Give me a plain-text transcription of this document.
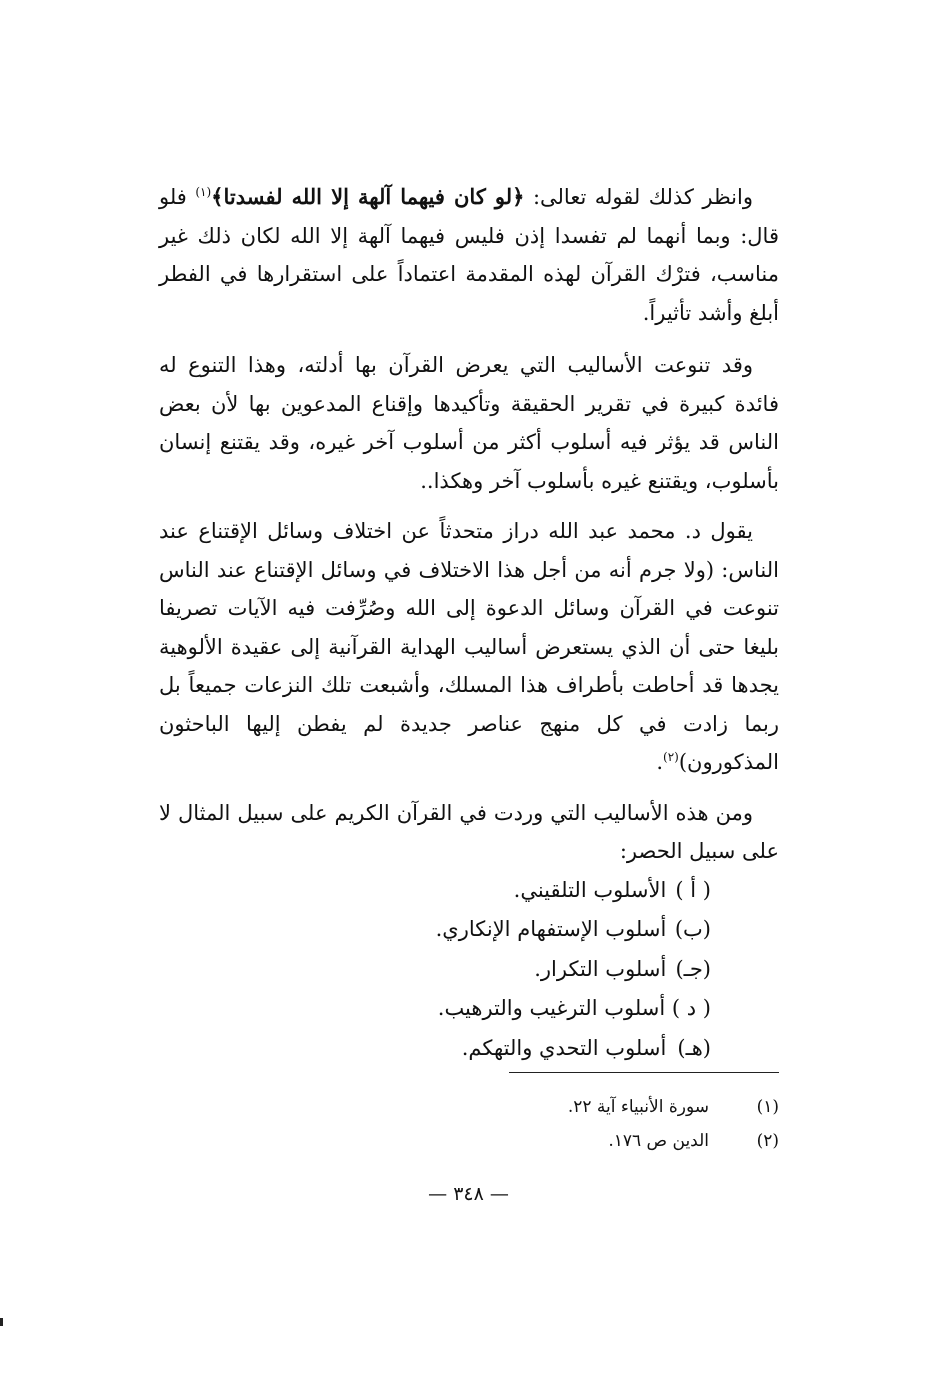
وانظر كذلك لقوله تعالى: ﴿لو كان فيهما آلهة إلا الله لفسدتا﴾$^{(١)}$ فلو قال: وبما أنهما لم تفسدا إذن فليس فيهما آلهة إلا الله لكان ذلك غير مناسب، فترْك القرآن لهذه المقدمة اعتماداً على استقرارها في الفطر أبلغ وأشد تأثيراً.

وقد تنوعت الأساليب التي يعرض القرآن بها أدلته، وهذا التنوع له فائدة كبيرة في تقرير الحقيقة وتأكيدها وإقناع المدعوين بها لأن بعض الناس قد يؤثر فيه أسلوب أكثر من أسلوب آخر غيره، وقد يقتنع إنسان بأسلوب، ويقتنع غيره بأسلوب آخر وهكذا..

يقول د. محمد عبد الله دراز متحدثاً عن اختلاف وسائل الإقتناع عند الناس: (ولا جرم أنه من أجل هذا الاختلاف في وسائل الإقتناع عند الناس تنوعت في القرآن وسائل الدعوة إلى الله وصُرِّفت فيه الآيات تصريفا بليغا حتى أن الذي يستعرض أساليب الهداية القرآنية إلى عقيدة الألوهية يجدها قد أحاطت بأطراف هذا المسلك، وأشبعت تلك النزعات جميعاً بل ربما زادت في كل منهج عناصر جديدة لم يفطن إليها الباحثون المذكورون)$^{(٢)}$.

ومن هذه الأساليب التي وردت في القرآن الكريم على سبيل المثال لا على سبيل الحصر:

( أ ) الأسلوب التلقيني.
(ب) أسلوب الإستفهام الإنكاري.
(جـ) أسلوب التكرار.
( د ) أسلوب الترغيب والترهيب.
(هـ) أسلوب التحدي والتهكم.
(١)سورة الأنبياء آية ٢٢.
(٢)الدين ص ١٧٦.
— ٣٤٨ —
